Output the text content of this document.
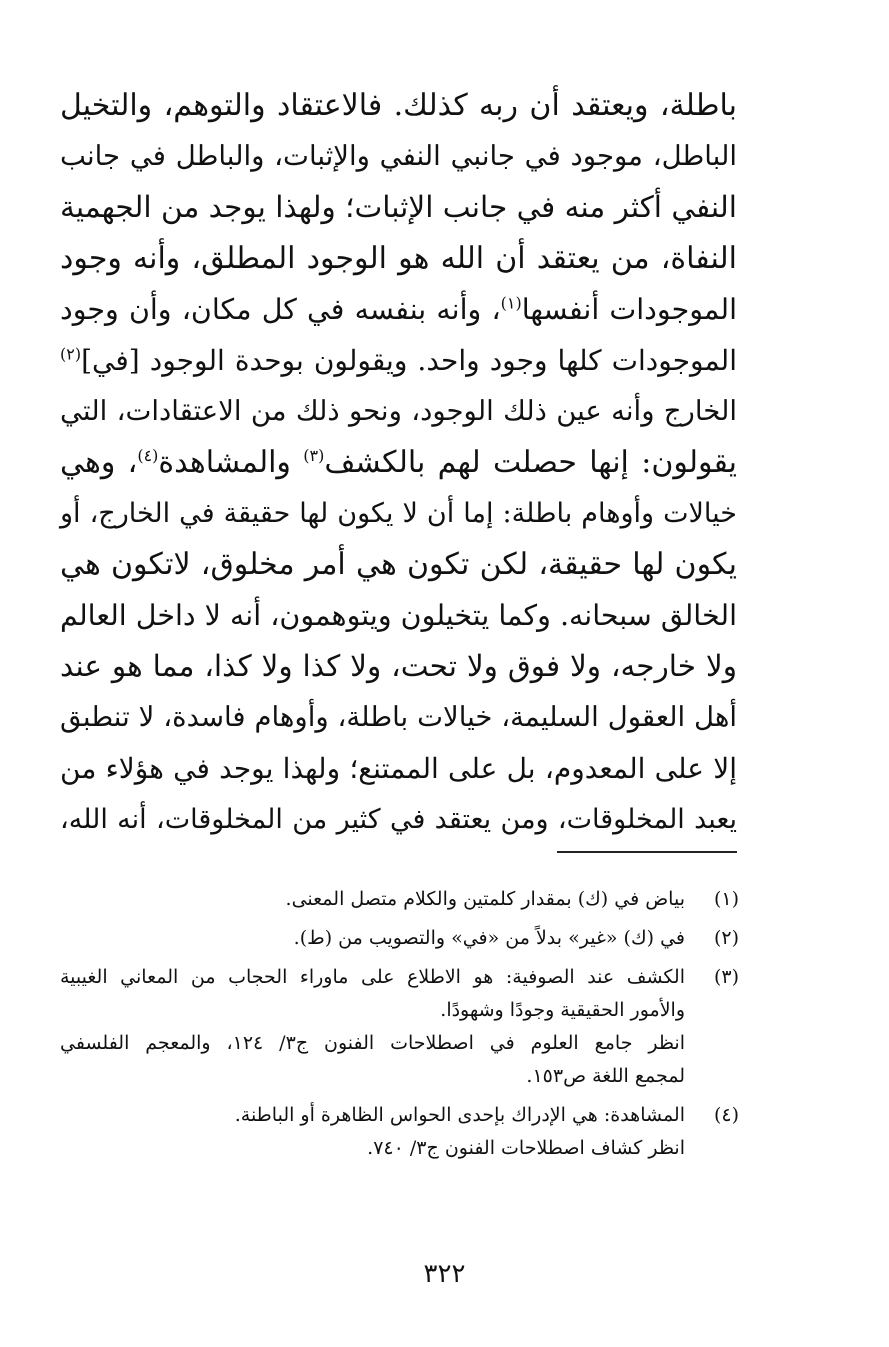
باطلة، ويعتقد أن ربه كذلك. فالاعتقاد والتوهم، والتخيل
الباطل، موجود في جانبي النفي والإثبات، والباطل في جانب
النفي أكثر منه في جانب الإثبات؛ ولهذا يوجد من الجهمية
النفاة، من يعتقد أن الله هو الوجود المطلق، وأنه وجود
الموجودات أنفسها$^{(١)}$، وأنه بنفسه في كل مكان، وأن وجود
الموجودات كلها وجود واحد. ويقولون بوحدة الوجود [في]$^{(٢)}$
الخارج وأنه عين ذلك الوجود، ونحو ذلك من الاعتقادات، التي
يقولون: إنها حصلت لهم بالكشف$^{(٣)}$ والمشاهدة$^{(٤)}$، وهي
خيالات وأوهام باطلة: إما أن لا يكون لها حقيقة في الخارج، أو
يكون لها حقيقة، لكن تكون هي أمر مخلوق، لاتكون هي
الخالق سبحانه. وكما يتخيلون ويتوهمون، أنه لا داخل العالم
ولا خارجه، ولا فوق ولا تحت، ولا كذا ولا كذا، مما هو عند
أهل العقول السليمة، خيالات باطلة، وأوهام فاسدة، لا تنطبق
إلا على المعدوم، بل على الممتنع؛ ولهذا يوجد في هؤلاء من
يعبد المخلوقات، ومن يعتقد في كثير من المخلوقات، أنه الله،
(١)
بياض في (ك) بمقدار كلمتين والكلام متصل المعنى.
(٢)
في (ك) «غير» بدلاً من «في» والتصويب من (ط).
(٣)
الكشف عند الصوفية: هو الاطلاع على ماوراء الحجاب من المعاني الغيبية
والأمور الحقيقية وجودًا وشهودًا.
انظر جامع العلوم في اصطلاحات الفنون ج٣/ ١٢٤، والمعجم الفلسفي
لمجمع اللغة ص١٥٣.
(٤)
المشاهدة: هي الإدراك بإحدى الحواس الظاهرة أو الباطنة.
انظر كشاف اصطلاحات الفنون ج٣/ ٧٤٠.
٣٢٢
